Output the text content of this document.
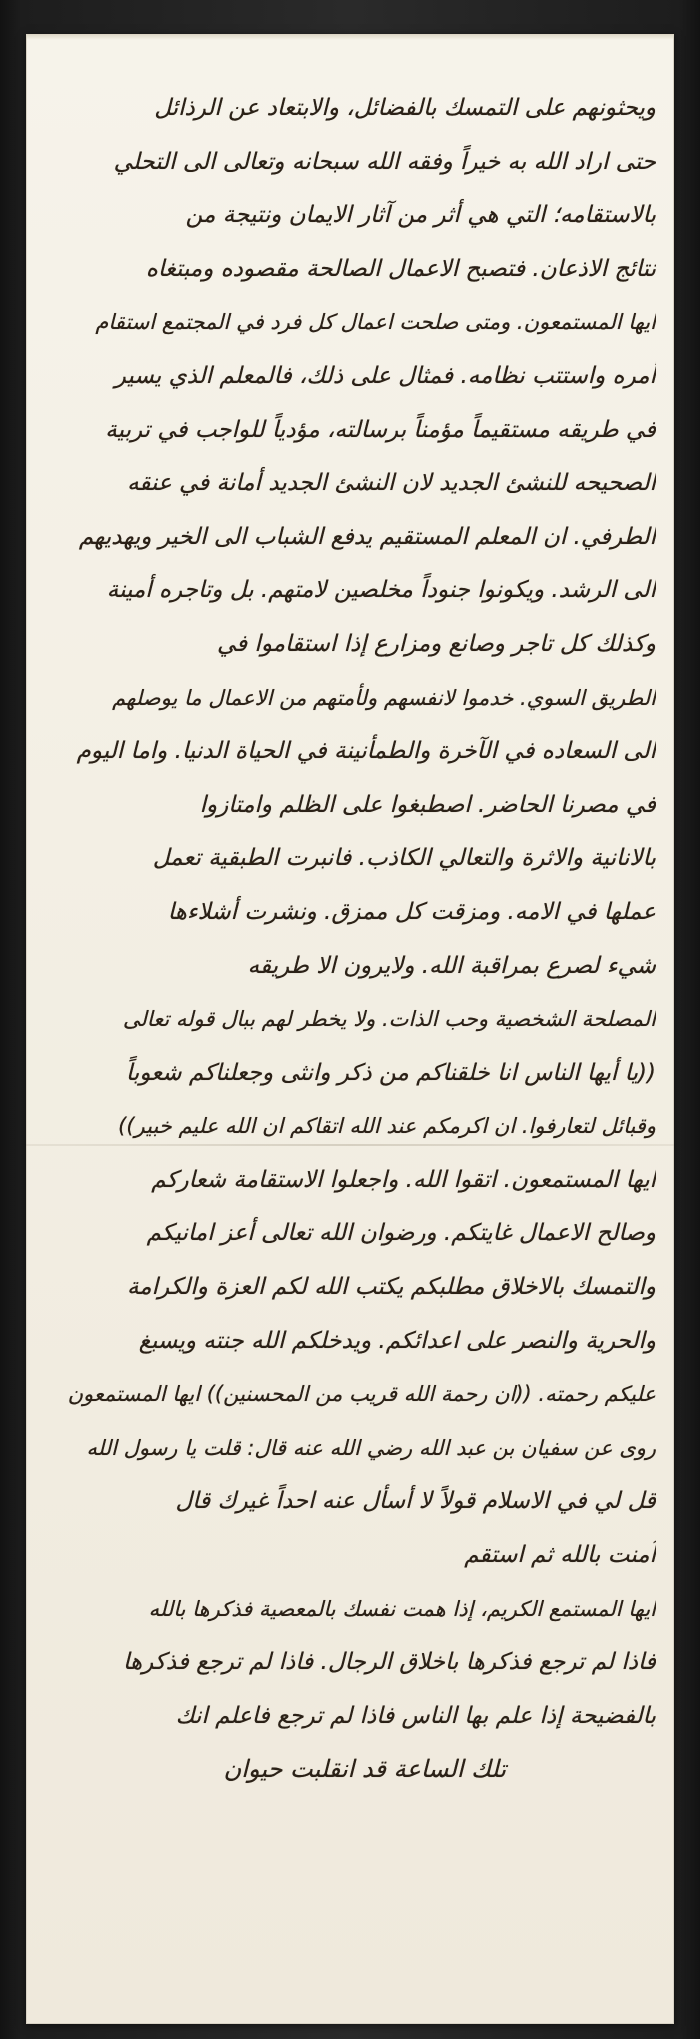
ويحثونهم على التمسك بالفضائل، والابتعاد عن الرذائل
حتى اراد الله به خيراً وفقه الله سبحانه وتعالى الى التحلي
بالاستقامه؛ التي هي أثر من آثار الايمان ونتيجة من
نتائج الاذعان. فتصبح الاعمال الصالحة مقصوده ومبتغاه
ايها المستمعون. ومتى صلحت اعمال كل فرد في المجتمع استقام
أمره واستتب نظامه. فمثال على ذلك، فالمعلم الذي يسير
في طريقه مستقيماً مؤمناً برسالته، مؤدياً للواجب في تربية
الصحيحه للنشئ الجديد لان النشئ الجديد أمانة في عنقه
الطرفي. ان المعلم المستقيم يدفع الشباب الى الخير ويهديهم
الى الرشد. ويكونوا جنوداً مخلصين لامتهم. بل وتاجره أمينة
وكذلك كل تاجر وصانع ومزارع إذا استقاموا في
الطريق السوي. خدموا لانفسهم ولأمتهم من الاعمال ما يوصلهم
الى السعاده في الآخرة والطمأنينة في الحياة الدنيا. واما اليوم
في مصرنا الحاضر. اصطبغوا على الظلم وامتازوا
بالانانية والاثرة والتعالي الكاذب. فانبرت الطبقية تعمل
عملها في الامه. ومزقت كل ممزق. ونشرت أشلاءها
شيء لصرع بمراقبة الله. ولايرون الا طريقه
المصلحة الشخصية وحب الذات. ولا يخطر لهم ببال قوله تعالى
((يا أيها الناس انا خلقناكم من ذكر وانثى وجعلناكم شعوباً
وقبائل لتعارفوا. ان اكرمكم عند الله اتقاكم ان الله عليم خبير))
ايها المستمعون. اتقوا الله. واجعلوا الاستقامة شعاركم
وصالح الاعمال غايتكم. ورضوان الله تعالى أعز امانيكم
والتمسك بالاخلاق مطلبكم يكتب الله لكم العزة والكرامة
والحرية والنصر على اعدائكم. ويدخلكم الله جنته ويسبغ
عليكم رحمته. ((ان رحمة الله قريب من المحسنين)) ايها المستمعون
روى عن سفيان بن عبد الله رضي الله عنه قال: قلت يا رسول الله
قل لي في الاسلام قولاً لا أسأل عنه احداً غيرك قال
آمنت بالله ثم استقم
ايها المستمع الكريم، إذا همت نفسك بالمعصية فذكرها بالله
فاذا لم ترجع فذكرها باخلاق الرجال. فاذا لم ترجع فذكرها
بالفضيحة إذا علم بها الناس فاذا لم ترجع فاعلم انك
تلك الساعة قد انقلبت حيوان
